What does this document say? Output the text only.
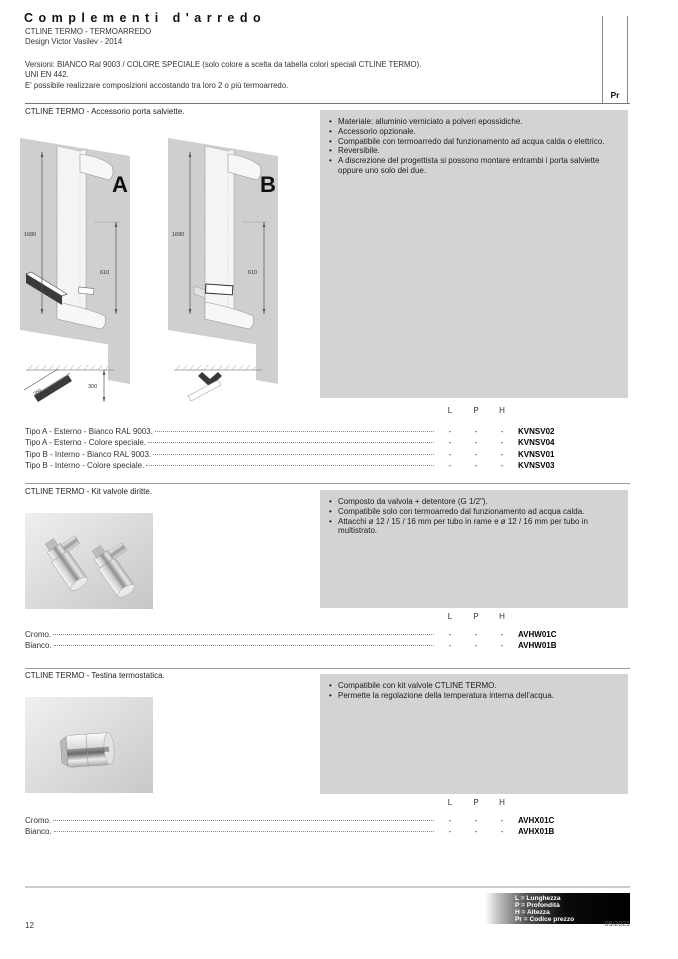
Complementi d'arredo
CTLINE TERMO - TERMOARREDO
Design Victor Vasilev - 2014
Versioni: BIANCO Ral 9003 / COLORE SPECIALE (solo colore a scelta da tabella colori speciali CTLINE TERMO).
UNI EN 442.
E' possibile realizzare composizioni accostando tra loro 2 o più termoarredo.
Pr
CTLINE TERMO - Accessorio porta salviette.
1680
610
A
350
300
1680
610
B
• Materiale: alluminio verniciato a polveri epossidiche.
• Accessorio opzionale.
• Compatibile con termoarredo dal funzionamento ad acqua calda o elettrico.
• Reversibile.
• A discrezione del progettista si possono montare entrambi i porta salviette oppure uno solo dei due.
L	P	H
Tipo A - Esterno - Bianco RAL 9003.	-	-	-	KVNSV02
Tipo A - Esterno - Colore speciale.	-	-	-	KVNSV04
Tipo B - Interno - Bianco RAL 9003.	-	-	-	KVNSV01
Tipo B - Interno - Colore speciale.	-	-	-	KVNSV03
CTLINE TERMO - Kit valvole diritte.
• Composto da valvola + detentore (G 1/2").
• Compatibile solo con termoarredo dal funzionamento ad acqua calda.
• Attacchi ø 12 / 15 / 16 mm per tubo in rame e ø 12 / 16 mm per tubo in multistrato.
L	P	H
Cromo.	-	-	-	AVHW01C
Bianco.	-	-	-	AVHW01B
CTLINE TERMO - Testina termostatica.
• Compatibile con kit valvole CTLINE TERMO.
• Permette la regolazione della temperatura interna dell'acqua.
L	P	H
Cromo.	-	-	-	AVHX01C
Bianco.	-	-	-	AVHX01B
L = Lunghezza
P = Profondità
H = Altezza
Pr = Codice prezzo
12	09/2021
